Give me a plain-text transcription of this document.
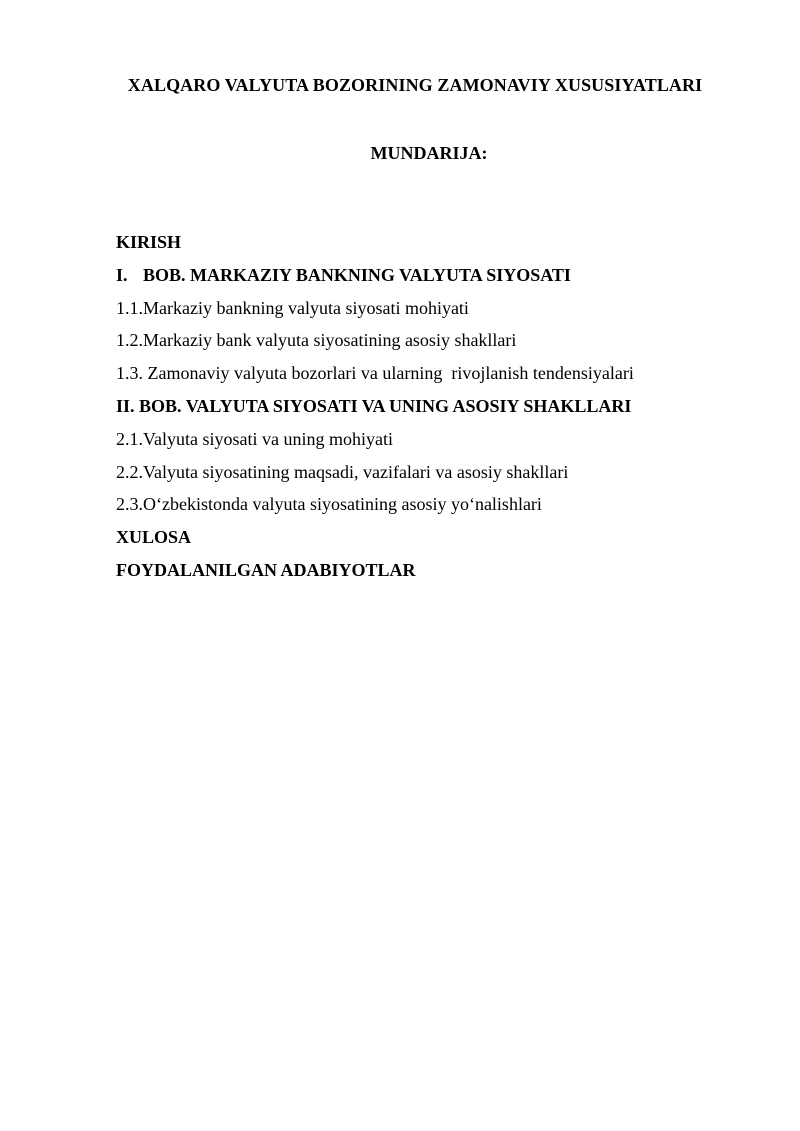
XALQARO VALYUTA BOZORINING ZAMONAVIY XUSUSIYATLARI
MUNDARIJA:
KIRISH
I. BOB. MARKAZIY BANKNING VALYUTA SIYOSATI
1.1.Markaziy bankning valyuta siyosati mohiyati
1.2.Markaziy bank valyuta siyosatining asosiy shakllari
1.3. Zamonaviy valyuta bozorlari va ularning  rivojlanish tendensiyalari
II. BOB. VALYUTA SIYOSATI VA UNING ASOSIY SHAKLLARI
2.1.Valyuta siyosati va uning mohiyati
2.2.Valyuta siyosatining maqsadi, vazifalari va asosiy shakllari
2.3.O‘zbekistonda valyuta siyosatining asosiy yo‘nalishlari
XULOSA
FOYDALANILGAN ADABIYOTLAR
